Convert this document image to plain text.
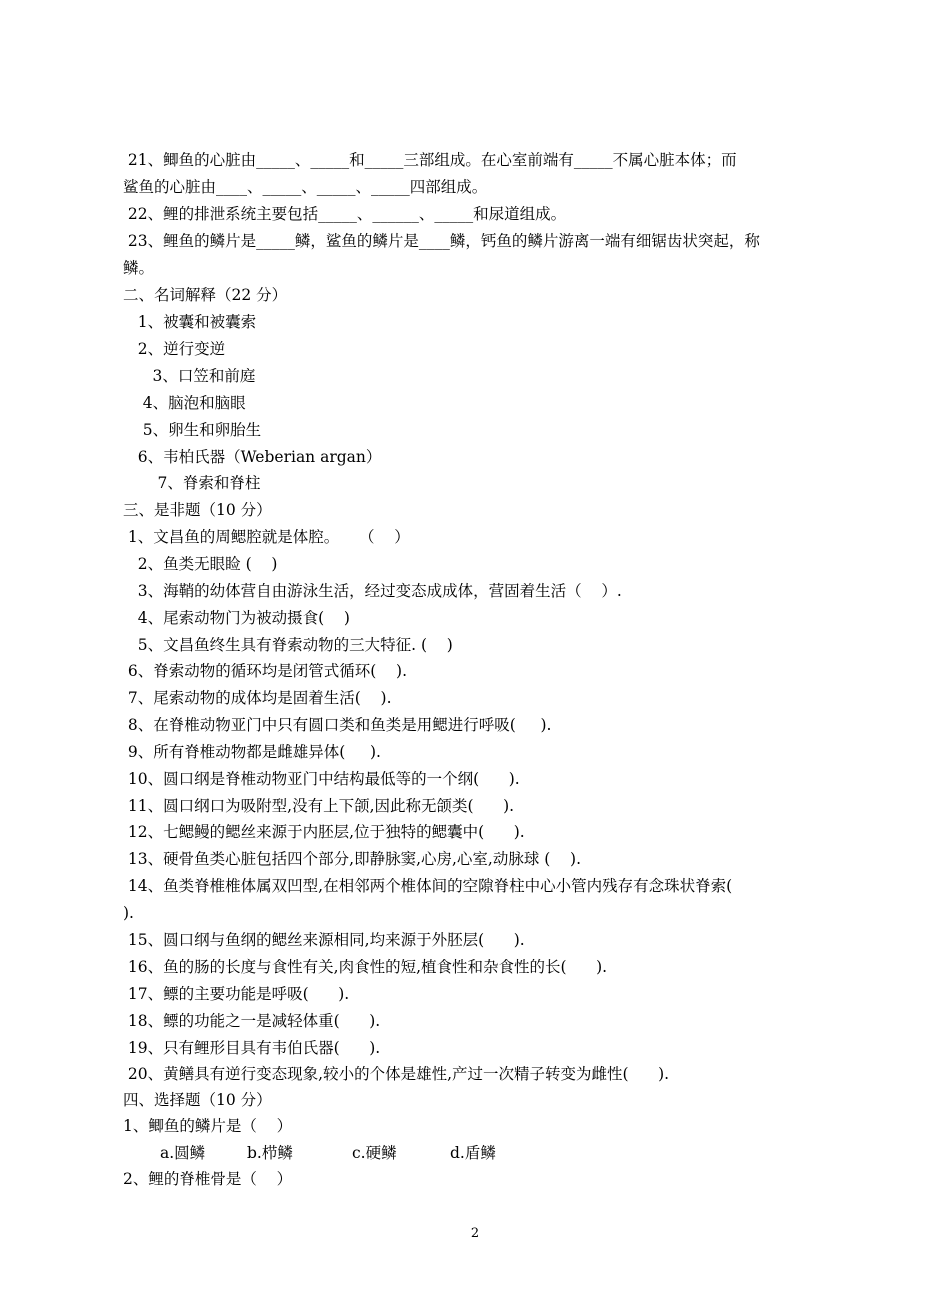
21、鲫鱼的心脏由_____、_____和_____三部组成。在心室前端有_____不属心脏本体；而
鲨鱼的心脏由____、_____、_____、_____四部组成。
22、鲤的排泄系统主要包括_____、______、_____和尿道组成。
23、鲤鱼的鳞片是_____鳞，鲨鱼的鳞片是____鳞，钙鱼的鳞片游离一端有细锯齿状突起，称
鳞。
二、名词解释（22 分）
1、被囊和被囊索
2、逆行变逆
3、口笠和前庭
4、脑泡和脑眼
5、卵生和卵胎生
6、韦柏氏器（Weberian argan）
7、脊索和脊柱
三、是非题（10 分）
1、文昌鱼的周鳃腔就是体腔。    （    ）
2、鱼类无眼睑 (    )
3、海鞘的幼体营自由游泳生活，经过变态成成体，营固着生活（    ）.
4、尾索动物门为被动摄食(    )
5、文昌鱼终生具有脊索动物的三大特征. (    )
6、脊索动物的循环均是闭管式循环(    ).
7、尾索动物的成体均是固着生活(    ).
8、在脊椎动物亚门中只有圆口类和鱼类是用鳃进行呼吸(     ).
9、所有脊椎动物都是雌雄异体(     ).
10、圆口纲是脊椎动物亚门中结构最低等的一个纲(      ).
11、圆口纲口为吸附型,没有上下颌,因此称无颌类(      ).
12、七鳃鳗的鳃丝来源于内胚层,位于独特的鳃囊中(      ).
13、硬骨鱼类心脏包括四个部分,即静脉窦,心房,心室,动脉球 (    ).
14、鱼类脊椎椎体属双凹型,在相邻两个椎体间的空隙脊柱中心小管内残存有念珠状脊索(
).
15、圆口纲与鱼纲的鳃丝来源相同,均来源于外胚层(      ).
16、鱼的肠的长度与食性有关,肉食性的短,植食性和杂食性的长(      ).
17、鳔的主要功能是呼吸(      ).
18、鳔的功能之一是减轻体重(      ).
19、只有鲤形目具有韦伯氏器(      ).
20、黄鳝具有逆行变态现象,较小的个体是雄性,产过一次精子转变为雌性(      ).
四、选择题（10 分）
1、鲫鱼的鳞片是（    ）
a.圆鳞	b.栉鳞	c.硬鳞	d.盾鳞
2、鲤的脊椎骨是（    ）
2
